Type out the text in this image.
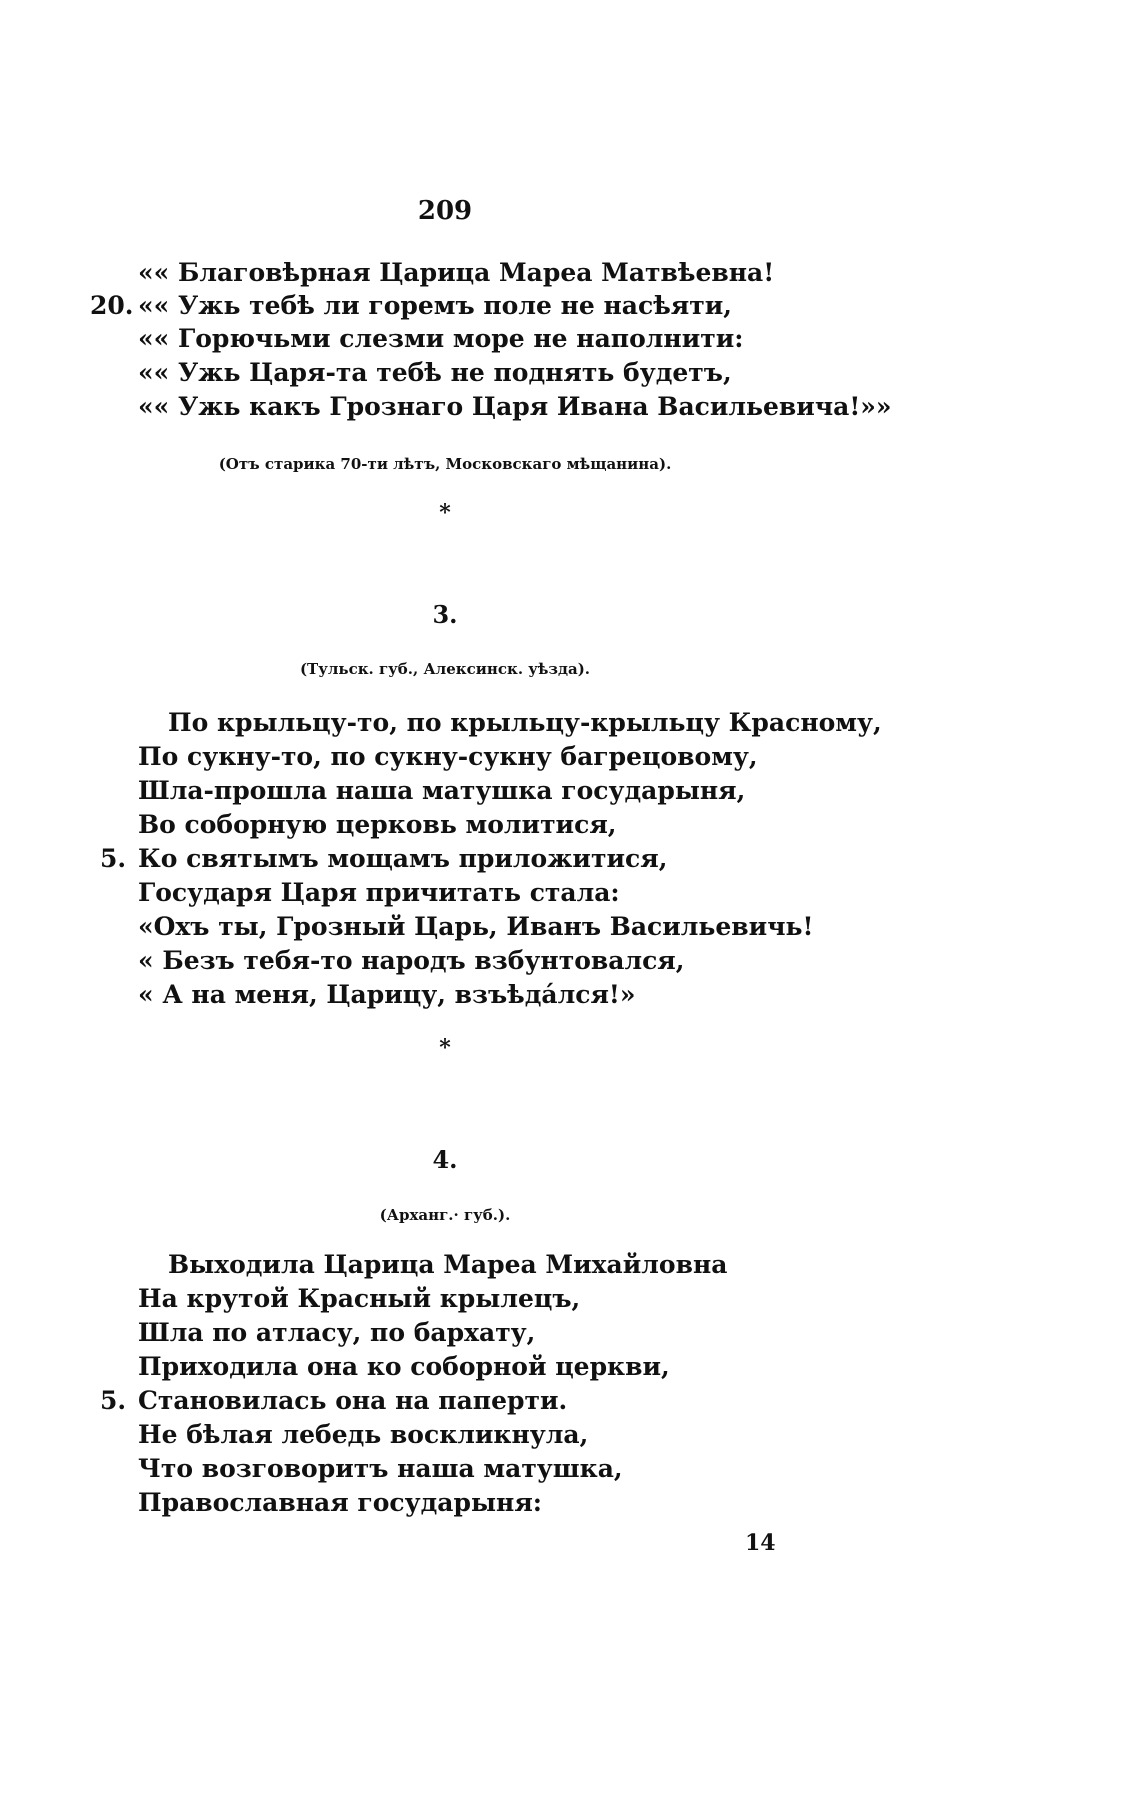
209
«« Благовѣрная Царица Мареа Матвѣевна!
20. «« Ужь тебѣ ли горемъ поле не насѣяти,
«« Горючьми слезми море не наполнити:
«« Ужь Царя-та тебѣ не поднять будетъ,
«« Ужь какъ Грознаго Царя Ивана Васильевича!»»
(Отъ старика 70-ти лѣтъ, Московскаго мѣщанина).
*
3.
(Тульск. губ., Алексинск. уѣзда).
По крыльцу-то, по крыльцу-крыльцу Красному,
По сукну-то, по сукну-сукну багрецовому,
Шла-прошла наша матушка государыня,
Во соборную церковь молитися,
5. Ко святымъ мощамъ приложитися,
Государя Царя причитать стала:
«Охъ ты, Грозный Царь, Иванъ Васильевичь!
« Безъ тебя-то народъ взбунтовался,
« А на меня, Царицу, взъѣдáлся!»
*
4.
(Арханг.· губ.).
Выходила Царица Мареа Михайловна
На крутой Красный крылецъ,
Шла по атласу, по бархату,
Приходила она ко соборной церкви,
5. Становилась она на паперти.
Не бѣлая лебедь воскликнула,
Что возговоритъ наша матушка,
Православная государыня:
14
